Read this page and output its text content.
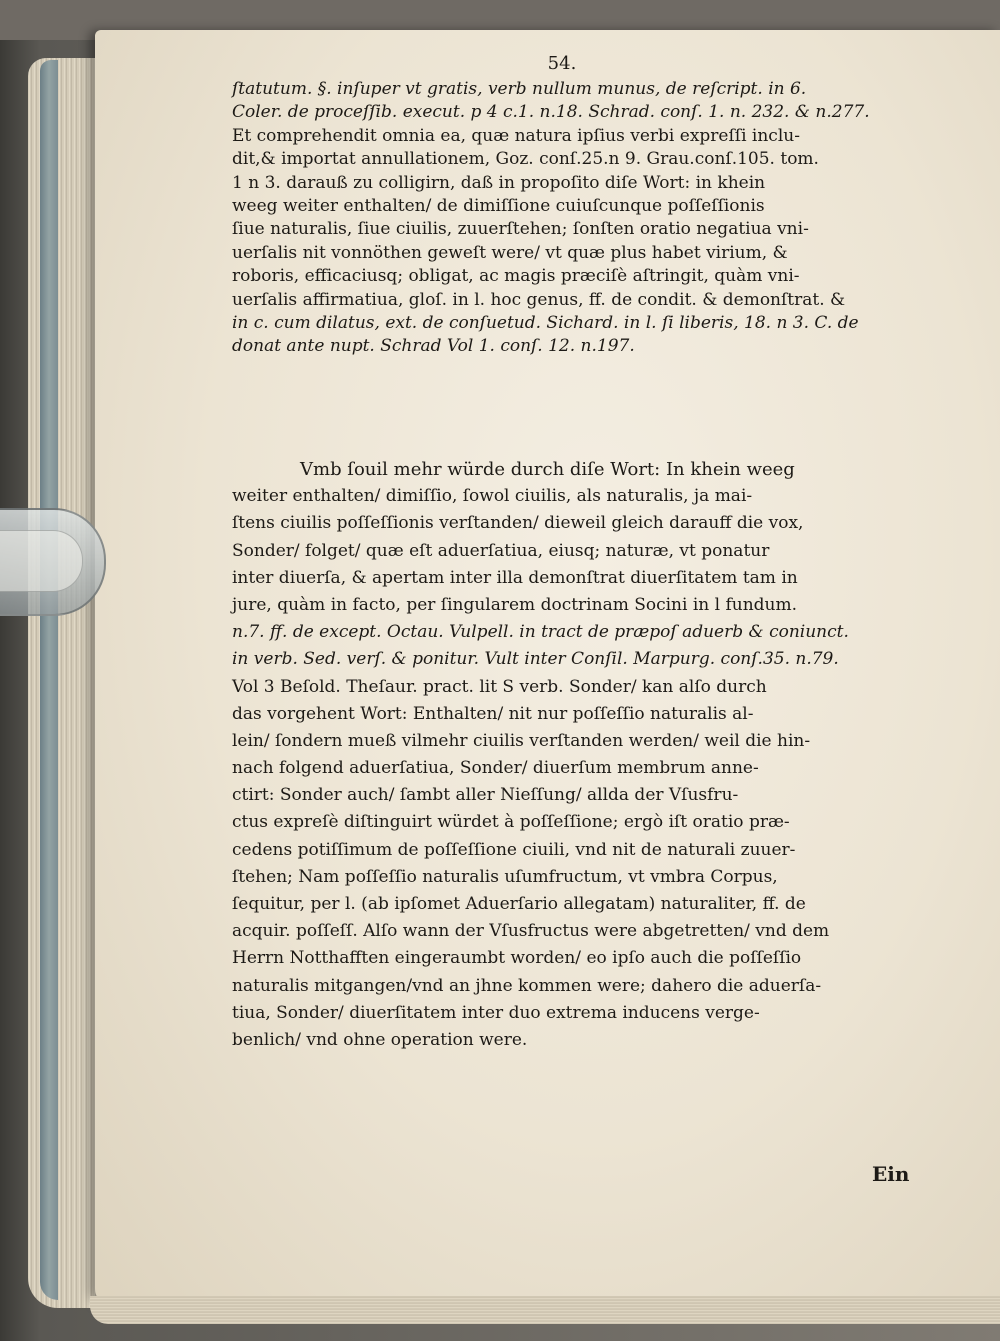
54.
ſtatutum. §. inſuper vt gratis, verb nullum munus, de reſcript. in 6.
Coler. de proceſſib. execut. p 4 c.1. n.18. Schrad. conſ. 1. n. 232. & n.277.
Et comprehendit omnia ea, quæ natura ipſius verbi expreſſi inclu-
dit,& importat annullationem, Goz. conſ.25.n 9. Grau.conſ.105. tom.
1 n 3. darauß zu colligirn, daß in propoſito diſe Wort: in khein
weeg weiter enthalten/ de dimiſſione cuiuſcunque poſſeſſionis
ſiue naturalis, ſiue ciuilis, zuuerſtehen; ſonſten oratio negatiua vni-
uerſalis nit vonnöthen geweſt were/ vt quæ plus habet virium, &
roboris, efficaciusq; obligat, ac magis præciſè aſtringit, quàm vni-
uerſalis affirmatiua, gloſ. in l. hoc genus, ff. de condit. & demonſtrat. &
in c. cum dilatus, ext. de conſuetud. Sichard. in l. ſi liberis, 18. n 3. C. de
donat ante nupt. Schrad Vol 1. conſ. 12. n.197.
Vmb ſouil mehr würde durch diſe Wort: In khein weeg
weiter enthalten/ dimiſſio, ſowol ciuilis, als naturalis, ja mai-
ſtens ciuilis poſſeſſionis verſtanden/ dieweil gleich darauff die vox,
Sonder/ folget/ quæ eſt aduerſatiua, eiusq; naturæ, vt ponatur
inter diuerſa, & apertam inter illa demonſtrat diuerſitatem tam in
jure, quàm in facto, per ſingularem doctrinam Socini in l fundum.
n.7. ff. de except. Octau. Vulpell. in tract de præpoſ aduerb & coniunct.
in verb. Sed. verſ. & ponitur. Vult inter Conſil. Marpurg. conſ.35. n.79.
Vol 3 Beſold. Theſaur. pract. lit S verb. Sonder/ kan alſo durch
das vorgehent Wort: Enthalten/ nit nur poſſeſſio naturalis al-
lein/ ſondern mueß vilmehr ciuilis verſtanden werden/ weil die hin-
nach folgend aduerſatiua, Sonder/ diuerſum membrum anne-
ctirt: Sonder auch/ ſambt aller Nieſſung/ allda der Vſusfru-
ctus expreſè diſtinguirt würdet à poſſeſſione; ergò iſt oratio præ-
cedens potiſſimum de poſſeſſione ciuili, vnd nit de naturali zuuer-
ſtehen; Nam poſſeſſio naturalis uſumfructum, vt vmbra Corpus,
ſequitur, per l. (ab ipſomet Aduerſario allegatam) naturaliter, ff. de
acquir. poſſeſſ. Alſo wann der Vſusfructus were abgetretten/ vnd dem
Herrn Notthafften eingeraumbt worden/ eo ipſo auch die poſſeſſio
naturalis mitgangen/vnd an jhne kommen were; dahero die aduerſa-
tiua, Sonder/ diuerſitatem inter duo extrema inducens verge-
benlich/ vnd ohne operation were.
Ein
